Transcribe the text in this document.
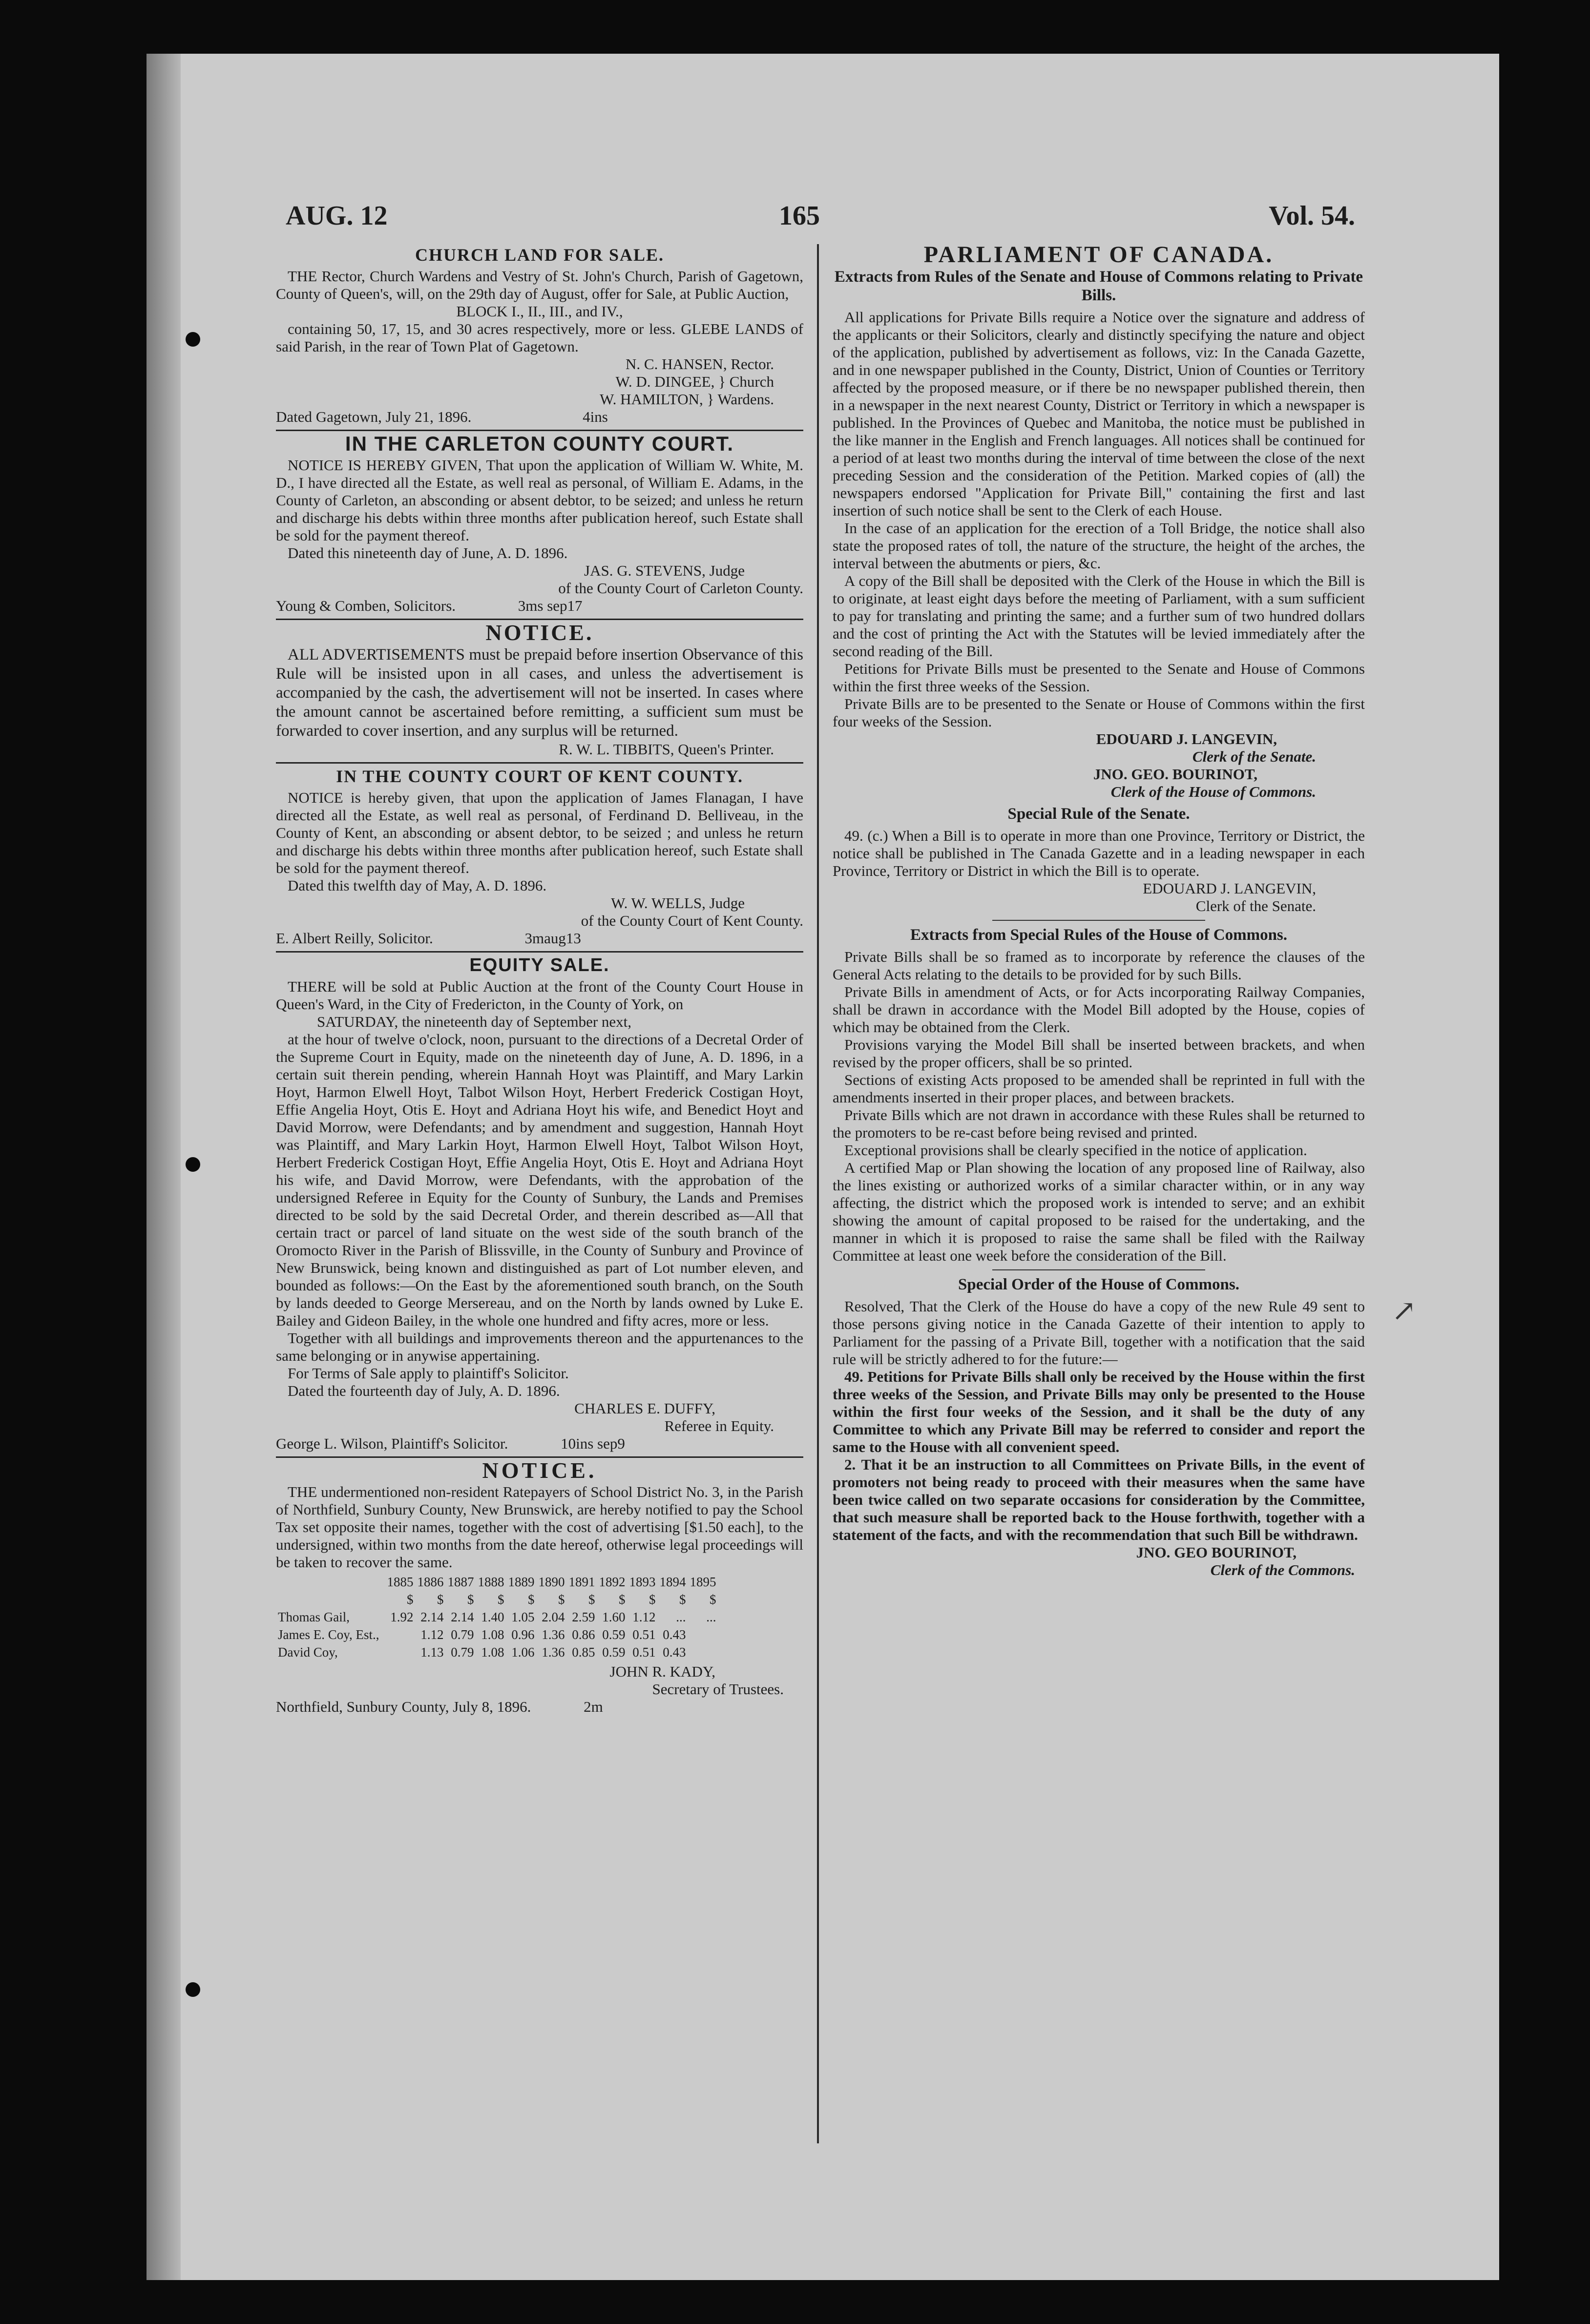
AUG. 12	165	Vol. 54.
CHURCH LAND FOR SALE.

THE Rector, Church Wardens and Vestry of St. John's Church, Parish of Gagetown, County of Queen's, will, on the 29th day of August, offer for Sale, at Public Auction,

BLOCK I., II., III., and IV.,

containing 50, 17, 15, and 30 acres respectively, more or less. GLEBE LANDS of said Parish, in the rear of Town Plat of Gagetown.

N. C. HANSEN, Rector.

W. D. DINGEE, } Church

W. HAMILTON, } Wardens.

Dated Gagetown, July 21, 1896.	4ins

IN THE CARLETON COUNTY COURT.

NOTICE IS HEREBY GIVEN, That upon the application of William W. White, M. D., I have directed all the Estate, as well real as personal, of William E. Adams, in the County of Carleton, an absconding or absent debtor, to be seized; and unless he return and discharge his debts within three months after publication hereof, such Estate shall be sold for the payment thereof.

Dated this nineteenth day of June, A. D. 1896.

JAS. G. STEVENS, Judge

of the County Court of Carleton County.

Young & Comben, Solicitors.	3ms sep17

NOTICE.

ALL ADVERTISEMENTS must be prepaid before insertion Observance of this Rule will be insisted upon in all cases, and unless the advertisement is accompanied by the cash, the advertisement will not be inserted. In cases where the amount cannot be ascertained before remitting, a sufficient sum must be forwarded to cover insertion, and any surplus will be returned.

R. W. L. TIBBITS, Queen's Printer.

IN THE COUNTY COURT OF KENT COUNTY.

NOTICE is hereby given, that upon the application of James Flanagan, I have directed all the Estate, as well real as personal, of Ferdinand D. Belliveau, in the County of Kent, an absconding or absent debtor, to be seized ; and unless he return and discharge his debts within three months after publication hereof, such Estate shall be sold for the payment thereof.

Dated this twelfth day of May, A. D. 1896.

W. W. WELLS, Judge

of the County Court of Kent County.

E. Albert Reilly, Solicitor.	3maug13

EQUITY SALE.

THERE will be sold at Public Auction at the front of the County Court House in Queen's Ward, in the City of Fredericton, in the County of York, on

SATURDAY, the nineteenth day of September next,

at the hour of twelve o'clock, noon, pursuant to the directions of a Decretal Order of the Supreme Court in Equity, made on the nineteenth day of June, A. D. 1896, in a certain suit therein pending, wherein Hannah Hoyt was Plaintiff, and Mary Larkin Hoyt, Harmon Elwell Hoyt, Talbot Wilson Hoyt, Herbert Frederick Costigan Hoyt, Effie Angelia Hoyt, Otis E. Hoyt and Adriana Hoyt his wife, and Benedict Hoyt and David Morrow, were Defendants; and by amendment and suggestion, Hannah Hoyt was Plaintiff, and Mary Larkin Hoyt, Harmon Elwell Hoyt, Talbot Wilson Hoyt, Herbert Frederick Costigan Hoyt, Effie Angelia Hoyt, Otis E. Hoyt and Adriana Hoyt his wife, and David Morrow, were Defendants, with the approbation of the undersigned Referee in Equity for the County of Sunbury, the Lands and Premises directed to be sold by the said Decretal Order, and therein described as—All that certain tract or parcel of land situate on the west side of the south branch of the Oromocto River in the Parish of Blissville, in the County of Sunbury and Province of New Brunswick, being known and distinguished as part of Lot number eleven, and bounded as follows:—On the East by the aforementioned south branch, on the South by lands deeded to George Mersereau, and on the North by lands owned by Luke E. Bailey and Gideon Bailey, in the whole one hundred and fifty acres, more or less.

Together with all buildings and improvements thereon and the appurtenances to the same belonging or in anywise appertaining.

For Terms of Sale apply to plaintiff's Solicitor.

Dated the fourteenth day of July, A. D. 1896.

CHARLES E. DUFFY,

Referee in Equity.

George L. Wilson, Plaintiff's Solicitor.	10ins sep9

NOTICE.

THE undermentioned non-resident Ratepayers of School District No. 3, in the Parish of Northfield, Sunbury County, New Brunswick, are hereby notified to pay the School Tax set opposite their names, together with the cost of advertising [$1.50 each], to the undersigned, within two months from the date hereof, otherwise legal proceedings will be taken to recover the same.

	1885	1886	1887	1888	1889	1890	1891	1892	1893	1894	1895
	$	$	$	$	$	$	$	$	$	$	$
Thomas Gail,	1.92	2.14	2.14	1.40	1.05	2.04	2.59	1.60	1.12	...	...
James E. Coy, Est.,		1.12	0.79	1.08	0.96	1.36	0.86	0.59	0.51	0.43	
David Coy,		1.13	0.79	1.08	1.06	1.36	0.85	0.59	0.51	0.43	

JOHN R. KADY,

Secretary of Trustees.

Northfield, Sunbury County, July 8, 1896.	2m

PARLIAMENT OF CANADA.
Extracts from Rules of the Senate and House of Commons relating to Private Bills.

All applications for Private Bills require a Notice over the signature and address of the applicants or their Solicitors, clearly and distinctly specifying the nature and object of the application, published by advertisement as follows, viz: In the Canada Gazette, and in one newspaper published in the County, District, Union of Counties or Territory affected by the proposed measure, or if there be no newspaper published therein, then in a newspaper in the next nearest County, District or Territory in which a newspaper is published. In the Provinces of Quebec and Manitoba, the notice must be published in the like manner in the English and French languages. All notices shall be continued for a period of at least two months during the interval of time between the close of the next preceding Session and the consideration of the Petition. Marked copies of (all) the newspapers endorsed "Application for Private Bill," containing the first and last insertion of such notice shall be sent to the Clerk of each House.

In the case of an application for the erection of a Toll Bridge, the notice shall also state the proposed rates of toll, the nature of the structure, the height of the arches, the interval between the abutments or piers, &c.

A copy of the Bill shall be deposited with the Clerk of the House in which the Bill is to originate, at least eight days before the meeting of Parliament, with a sum sufficient to pay for translating and printing the same; and a further sum of two hundred dollars and the cost of printing the Act with the Statutes will be levied immediately after the second reading of the Bill.

Petitions for Private Bills must be presented to the Senate and House of Commons within the first three weeks of the Session.

Private Bills are to be presented to the Senate or House of Commons within the first four weeks of the Session.

EDOUARD J. LANGEVIN,

Clerk of the Senate.

JNO. GEO. BOURINOT,

Clerk of the House of Commons.

Special Rule of the Senate.

49. (c.) When a Bill is to operate in more than one Province, Territory or District, the notice shall be published in The Canada Gazette and in a leading newspaper in each Province, Territory or District in which the Bill is to operate.

EDOUARD J. LANGEVIN,

Clerk of the Senate.

Extracts from Special Rules of the House of Commons.

Private Bills shall be so framed as to incorporate by reference the clauses of the General Acts relating to the details to be provided for by such Bills.

Private Bills in amendment of Acts, or for Acts incorporating Railway Companies, shall be drawn in accordance with the Model Bill adopted by the House, copies of which may be obtained from the Clerk.

Provisions varying the Model Bill shall be inserted between brackets, and when revised by the proper officers, shall be so printed.

Sections of existing Acts proposed to be amended shall be reprinted in full with the amendments inserted in their proper places, and between brackets.

Private Bills which are not drawn in accordance with these Rules shall be returned to the promoters to be re-cast before being revised and printed.

Exceptional provisions shall be clearly specified in the notice of application.

A certified Map or Plan showing the location of any proposed line of Railway, also the lines existing or authorized works of a similar character within, or in any way affecting, the district which the proposed work is intended to serve; and an exhibit showing the amount of capital proposed to be raised for the undertaking, and the manner in which it is proposed to raise the same shall be filed with the Railway Committee at least one week before the consideration of the Bill.

Special Order of the House of Commons.

Resolved, That the Clerk of the House do have a copy of the new Rule 49 sent to those persons giving notice in the Canada Gazette of their intention to apply to Parliament for the passing of a Private Bill, together with a notification that the said rule will be strictly adhered to for the future:—

49. Petitions for Private Bills shall only be received by the House within the first three weeks of the Session, and Private Bills may only be presented to the House within the first four weeks of the Session, and it shall be the duty of any Committee to which any Private Bill may be referred to consider and report the same to the House with all convenient speed.

2. That it be an instruction to all Committees on Private Bills, in the event of promoters not being ready to proceed with their measures when the same have been twice called on two separate occasions for consideration by the Committee, that such measure shall be reported back to the House forthwith, together with a statement of the facts, and with the recommendation that such Bill be withdrawn.

JNO. GEO BOURINOT,

Clerk of the Commons.

↗
